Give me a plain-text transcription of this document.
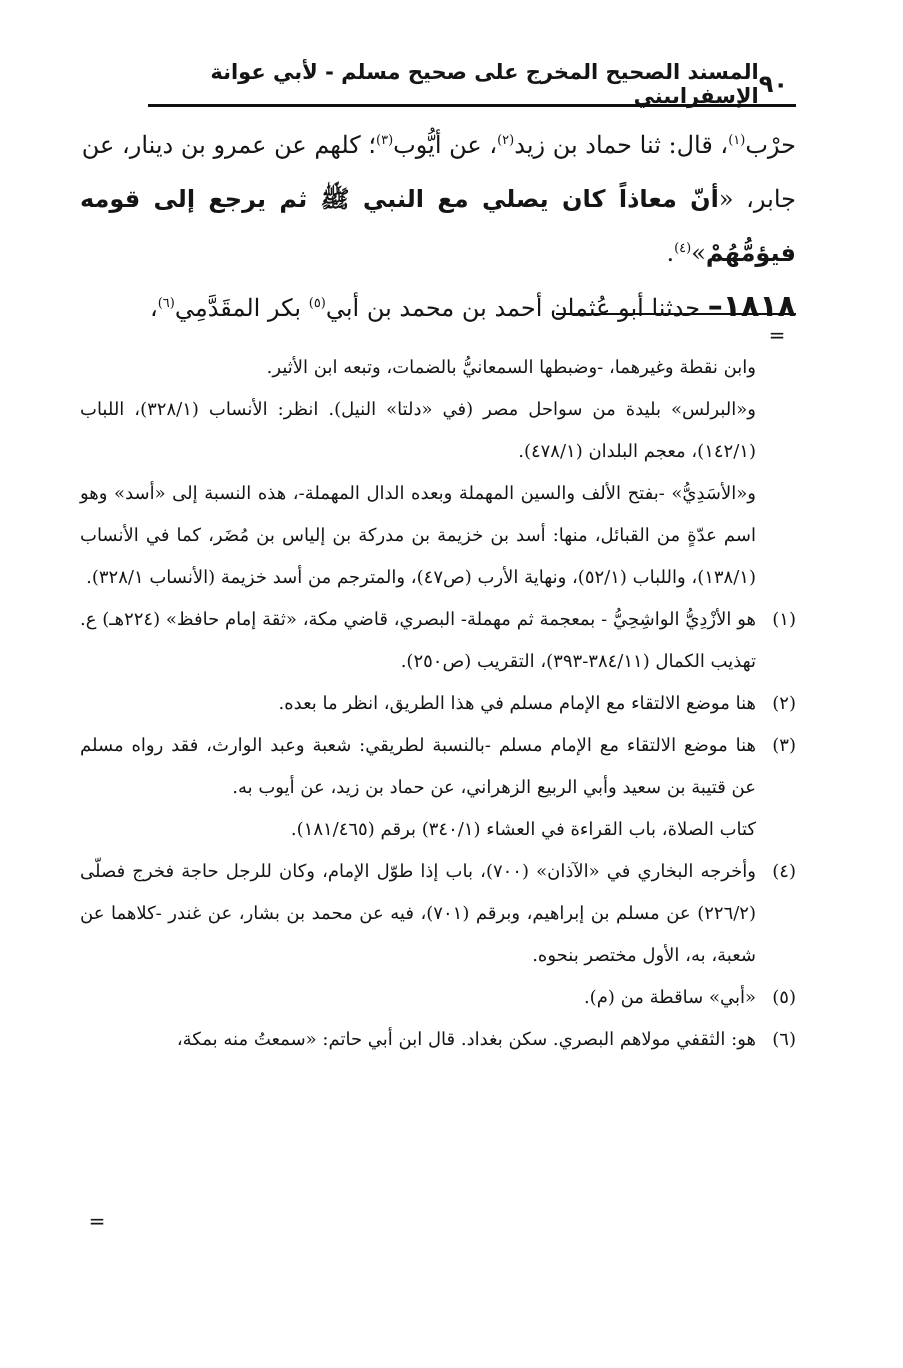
٩٠
المسند الصحيح المخرج على صحيح مسلم - لأبي عوانة الإسفراييني

حرْب$^{(١)}$، قال: ثنا حماد بن زيد$^{(٢)}$، عن أيُّوب$^{(٣)}$؛ كلهم عن عمرو بن دينار، عن

جابر، «أنّ معاذاً كان يصلي مع النبي ﷺ ثم يرجع إلى قومه فيؤمُّهُمْ»$^{(٤)}$.

١٨١٨– حدثنا أبو عُثمان أحمد بن محمد بن أبي$^{(٥)}$ بكر المقَدَّمِي$^{(٦)}$،

=

وابن نقطة وغيرهما، -وضبطها السمعانيُّ بالضمات، وتبعه ابن الأثير.

و«البرلس» بليدة من سواحل مصر (في «دلتا» النيل). انظر: الأنساب (٣٢٨/١)، اللباب (١٤٢/١)، معجم البلدان (٤٧٨/١).

و«الأسَدِيُّ» -بفتح الألف والسين المهملة وبعده الدال المهملة-، هذه النسبة إلى «أسد» وهو اسم عدّةٍ من القبائل، منها: أسد بن خزيمة بن مدركة بن إلياس بن مُضَر، كما في الأنساب (١٣٨/١)، واللباب (٥٢/١)، ونهاية الأرب (ص٤٧)، والمترجم من أسد خزيمة (الأنساب ٣٢٨/١).

(١)

هو الأزْدِيُّ الواشِحِيُّ - بمعجمة ثم مهملة- البصري، قاضي مكة، «ثقة إمام حافظ» (٢٢٤هـ) ع. تهذيب الكمال (٣٨٤/١١-٣٩٣)، التقريب (ص٢٥٠).

(٢)

هنا موضع الالتقاء مع الإمام مسلم في هذا الطريق، انظر ما بعده.

(٣)

هنا موضع الالتقاء مع الإمام مسلم -بالنسبة لطريقي: شعبة وعبد الوارث، فقد رواه مسلم عن قتيبة بن سعيد وأبي الربيع الزهراني، عن حماد بن زيد، عن أيوب به.

كتاب الصلاة، باب القراءة في العشاء (٣٤٠/١) برقم (١٨١/٤٦٥).

(٤)

وأخرجه البخاري في «الآذان» (٧٠٠)، باب إذا طوّل الإمام، وكان للرجل حاجة فخرج فصلّى (٢٢٦/٢) عن مسلم بن إبراهيم، وبرقم (٧٠١)، فيه عن محمد بن بشار، عن غندر -كلاهما عن شعبة، به، الأول مختصر بنحوه.

(٥)

«أبي» ساقطة من (م).

(٦)

هو: الثقفي مولاهم البصري. سكن بغداد. قال ابن أبي حاتم: «سمعتُ منه بمكة،

=
